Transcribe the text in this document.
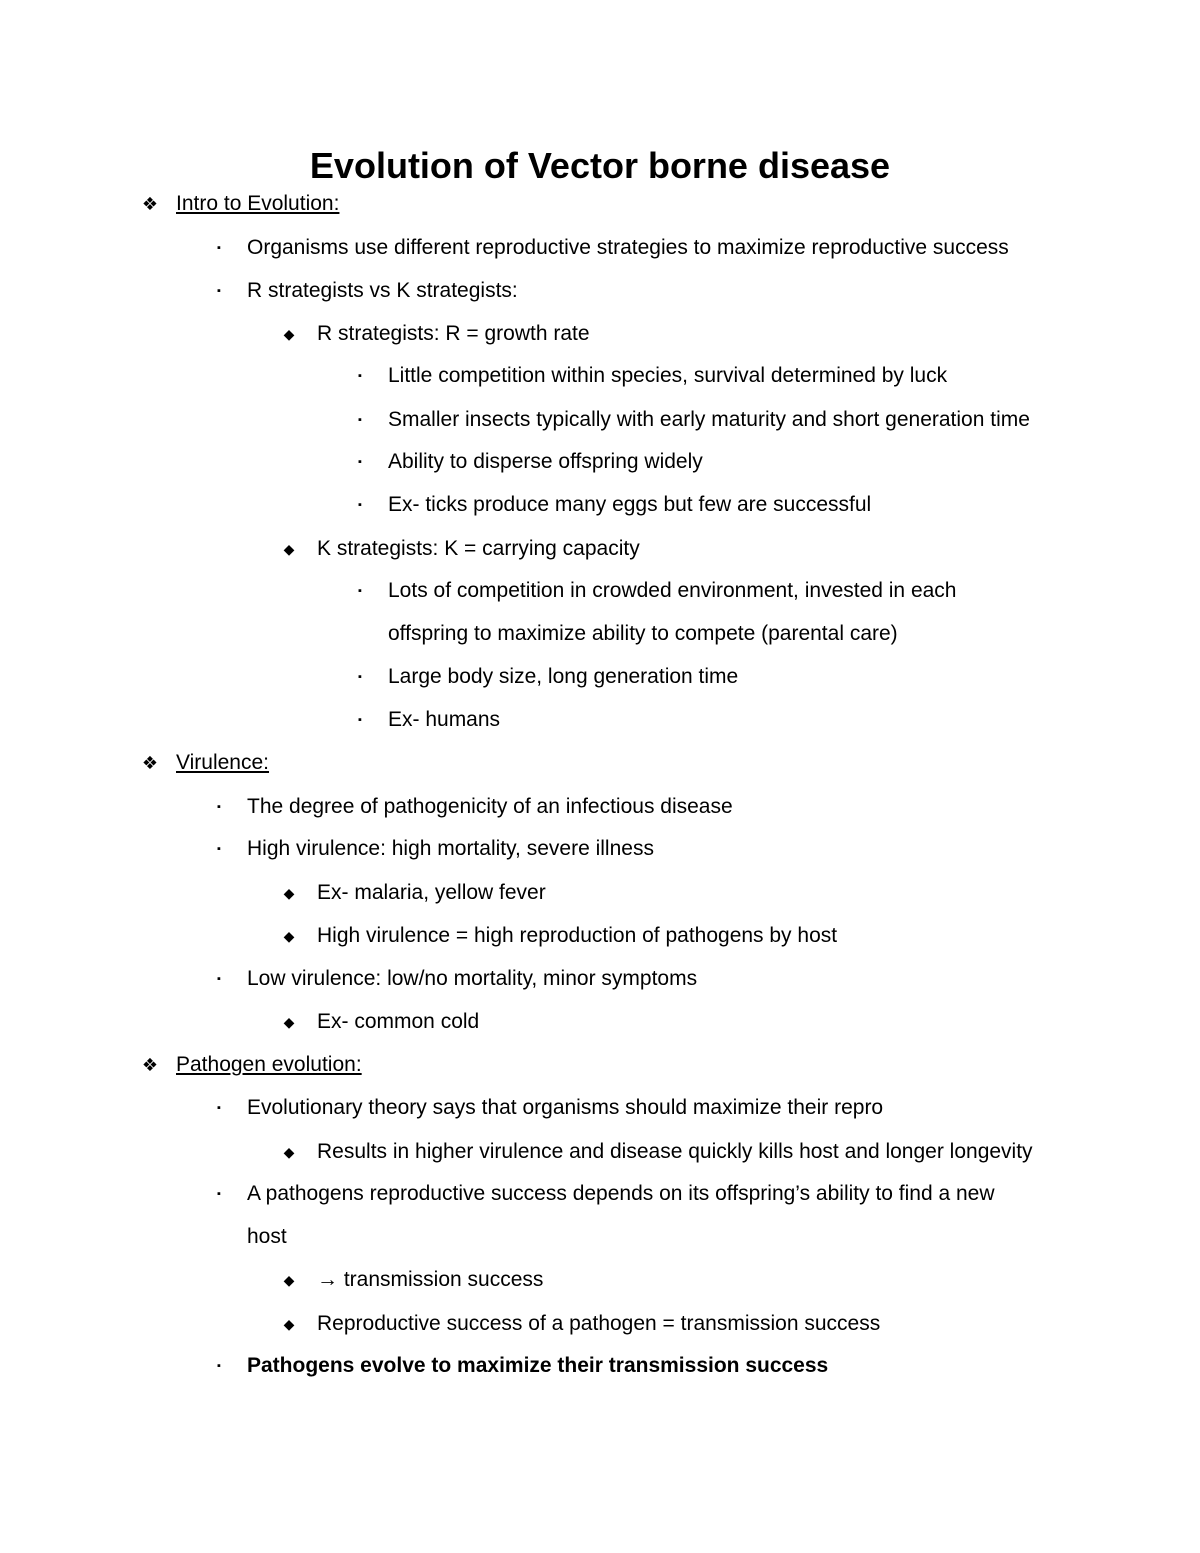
Evolution of Vector borne disease
❖ Intro to Evolution:
▪	Organisms use different reproductive strategies to maximize reproductive success
▪	R strategists vs K strategists:
◆ R strategists: R = growth rate
▪	Little competition within species, survival determined by luck
▪	Smaller insects typically with early maturity and short generation time
▪	Ability to disperse offspring widely
▪	Ex- ticks produce many eggs but few are successful
◆ K strategists: K = carrying capacity
▪	Lots of competition in crowded environment, invested in each
offspring to maximize ability to compete (parental care)
▪	Large body size, long generation time
▪	Ex- humans
❖ Virulence:
▪	The degree of pathogenicity of an infectious disease
▪	High virulence: high mortality, severe illness
◆ Ex- malaria, yellow fever
◆ High virulence = high reproduction of pathogens by host
▪	Low virulence: low/no mortality, minor symptoms
◆ Ex- common cold
❖ Pathogen evolution:
▪	Evolutionary theory says that organisms should maximize their repro
◆ Results in higher virulence and disease quickly kills host and longer longevity
▪	A pathogens reproductive success depends on its offspring’s ability to find a new
host
◆ → transmission success
◆ Reproductive success of a pathogen = transmission success
▪	Pathogens evolve to maximize their transmission success
